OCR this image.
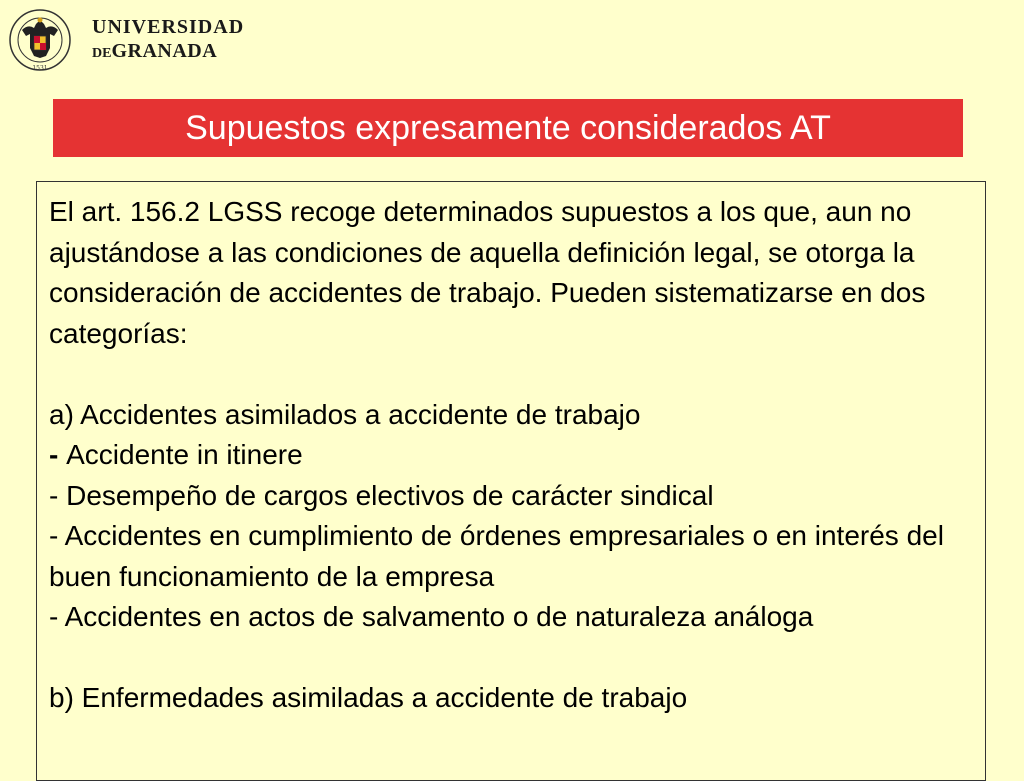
1531
UNIVERSIDAD
DEGRANADA
Supuestos expresamente considerados AT

El art. 156.2 LGSS recoge determinados supuestos a los que, aun no ajustándose a las condiciones de aquella definición legal, se otorga la consideración de accidentes de trabajo. Pueden sistematizarse en dos categorías:

a) Accidentes asimilados a accidente de trabajo

- Accidente in itinere

- Desempeño de cargos electivos de carácter sindical

- Accidentes en cumplimiento de órdenes empresariales o en interés del buen funcionamiento de la empresa

- Accidentes en actos de salvamento o de naturaleza análoga

b) Enfermedades asimiladas a accidente de trabajo
